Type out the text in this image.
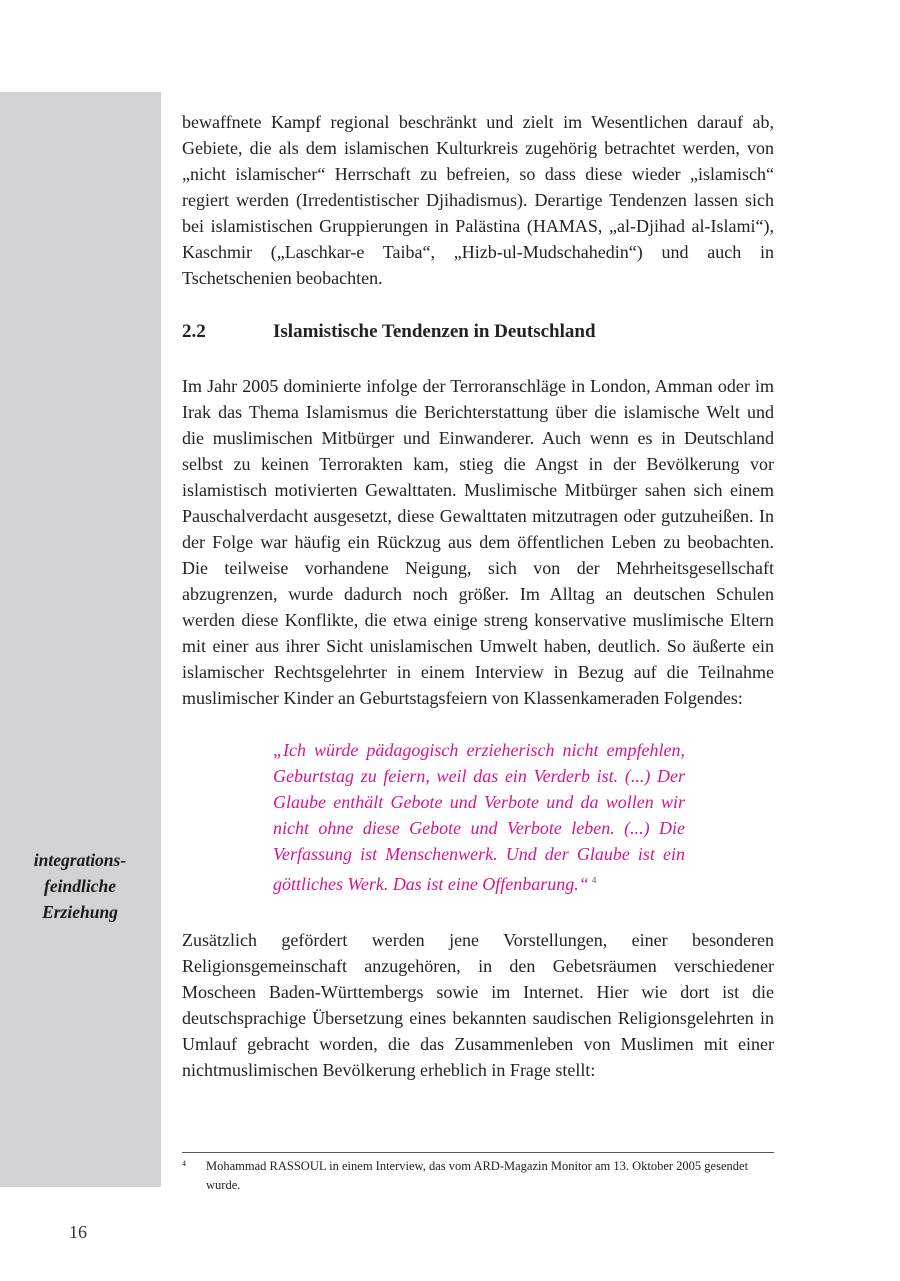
integrations-
feindliche
Erziehung

bewaffnete Kampf regional beschränkt und zielt im Wesentlichen darauf ab, Gebiete, die als dem islamischen Kulturkreis zugehörig betrachtet werden, von „nicht islamischer“ Herrschaft zu befreien, so dass diese wieder „islamisch“ regiert werden (Irredentistischer Djihadismus). Derartige Tendenzen lassen sich bei islamistischen Gruppierungen in Palästina (HAMAS, „al-Djihad al-Islami“), Kaschmir („Laschkar-e Taiba“, „Hizb-ul-Mudschahedin“) und auch in Tschetschenien beobachten.

2.2	Islamistische Tendenzen in Deutschland

Im Jahr 2005 dominierte infolge der Terroranschläge in London, Amman oder im Irak das Thema Islamismus die Berichterstattung über die islamische Welt und die muslimischen Mitbürger und Einwanderer. Auch wenn es in Deutschland selbst zu keinen Terrorakten kam, stieg die Angst in der Bevölkerung vor islamistisch motivierten Gewalttaten. Muslimische Mitbürger sahen sich einem Pauschalverdacht ausgesetzt, diese Gewalttaten mitzutragen oder gutzuheißen. In der Folge war häufig ein Rückzug aus dem öffentlichen Leben zu beobachten. Die teilweise vorhandene Neigung, sich von der Mehrheitsgesellschaft abzugrenzen, wurde dadurch noch größer. Im Alltag an deutschen Schulen werden diese Konflikte, die etwa einige streng konservative muslimische Eltern mit einer aus ihrer Sicht unislamischen Umwelt haben, deutlich. So äußerte ein islamischer Rechtsgelehrter in einem Interview in Bezug auf die Teilnahme muslimischer Kinder an Geburtstagsfeiern von Klassenkameraden Folgendes:

„Ich würde pädagogisch erzieherisch nicht empfehlen, Geburtstag zu feiern, weil das ein Verderb ist. (...) Der Glaube enthält Gebote und Verbote und da wollen wir nicht ohne diese Gebote und Verbote leben. (...) Die Verfassung ist Menschenwerk. Und der Glaube ist ein göttliches Werk. Das ist eine Offenbarung.“ $^4$

Zusätzlich gefördert werden jene Vorstellungen, einer besonderen Religionsgemeinschaft anzugehören, in den Gebetsräumen verschiedener Moscheen Baden-Württembergs sowie im Internet. Hier wie dort ist die deutschsprachige Übersetzung eines bekannten saudischen Religionsgelehrten in Umlauf gebracht worden, die das Zusammenleben von Muslimen mit einer nichtmuslimischen Bevölkerung erheblich in Frage stellt:

4	Mohammad RASSOUL in einem Interview, das vom ARD-Magazin Monitor am 13. Oktober 2005 gesendet wurde.
16
